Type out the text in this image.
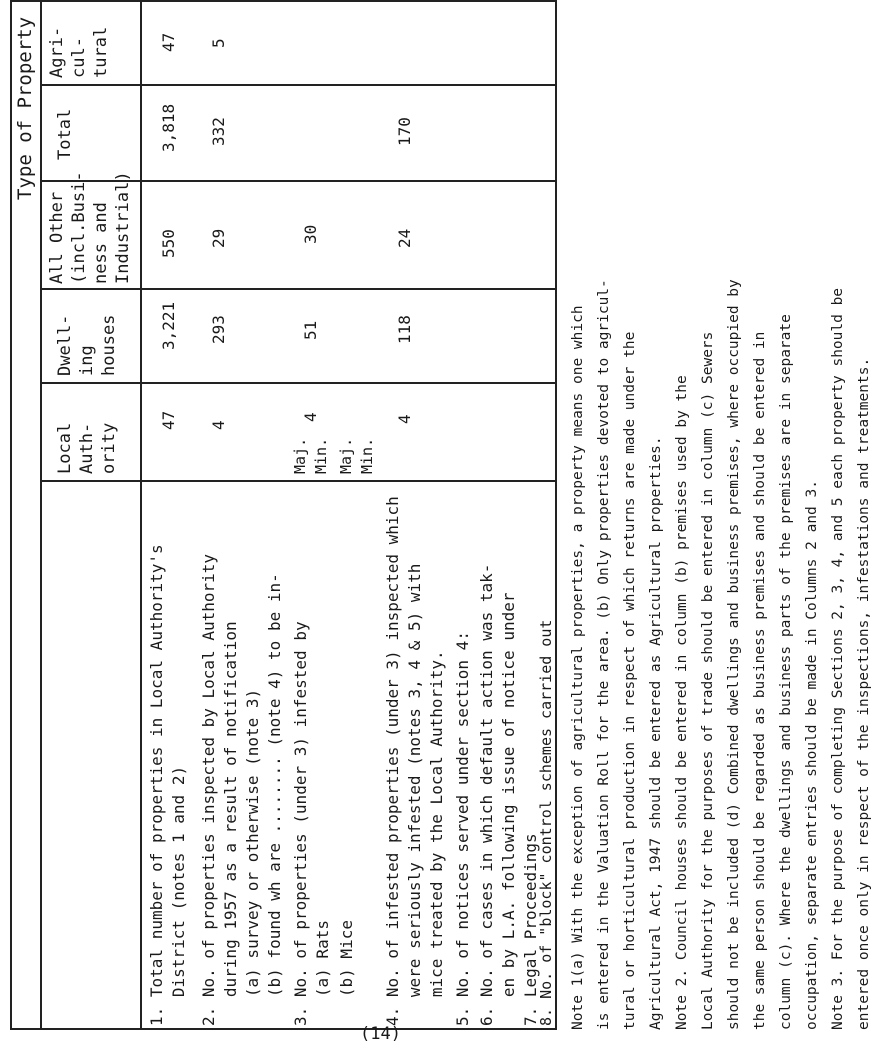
Type of Property
Local Auth- ority
Dwell- ing houses
All Other (incl.Busi- ness and Industrial)
Total
Agri- cul- tural
1. Total number of properties in Local Authority's District (notes 1 and 2)
47
3,221
550
3,818
47
2. No. of properties inspected by Local Authority during 1957 as a result of notification (a) survey or otherwise (note 3) (b) found wh are ........ (note 4) to be in-
4
293
29
332
5
3. No. of properties (under 3) infested by (a) Rats
Maj. Min.
4
51
30
(b) Mice
Maj. Min.
4. No. of infested properties (under 3) inspected which were seriously infested (notes 3, 4 & 5) with mice treated by the Local Authority.
4
118
24
170
5. No. of notices served under section 4:
6. No. of cases in which default action was tak- en by L.A. following issue of notice under
7. Legal Proceedings
8. No. of "block" control schemes carried out	Note 1(a) With the exception of agricultural properties, a property means one which is entered in the Valuation Roll for the area. (b) Only properties devoted to agricul- tural or horticultural production in respect of which returns are made under the Agricultural Act, 1947 should be entered as Agricultural properties. Note 2. Council houses should be entered in column (b) premises used by the Local Authority for the purposes of trade should be entered in column (c) Sewers should not be included (d) Combined dwellings and business premises, where occupied by the same person should be regarded as business premises and should be entered in column (c). Where the dwellings and business parts of the premises are in separate occupation, separate entries should be made in Columns 2 and 3. Note 3. For the purpose of completing Sections 2, 3, 4, and 5 each property should be entered once only in respect of the inspections, infestations and treatments.
(14)
